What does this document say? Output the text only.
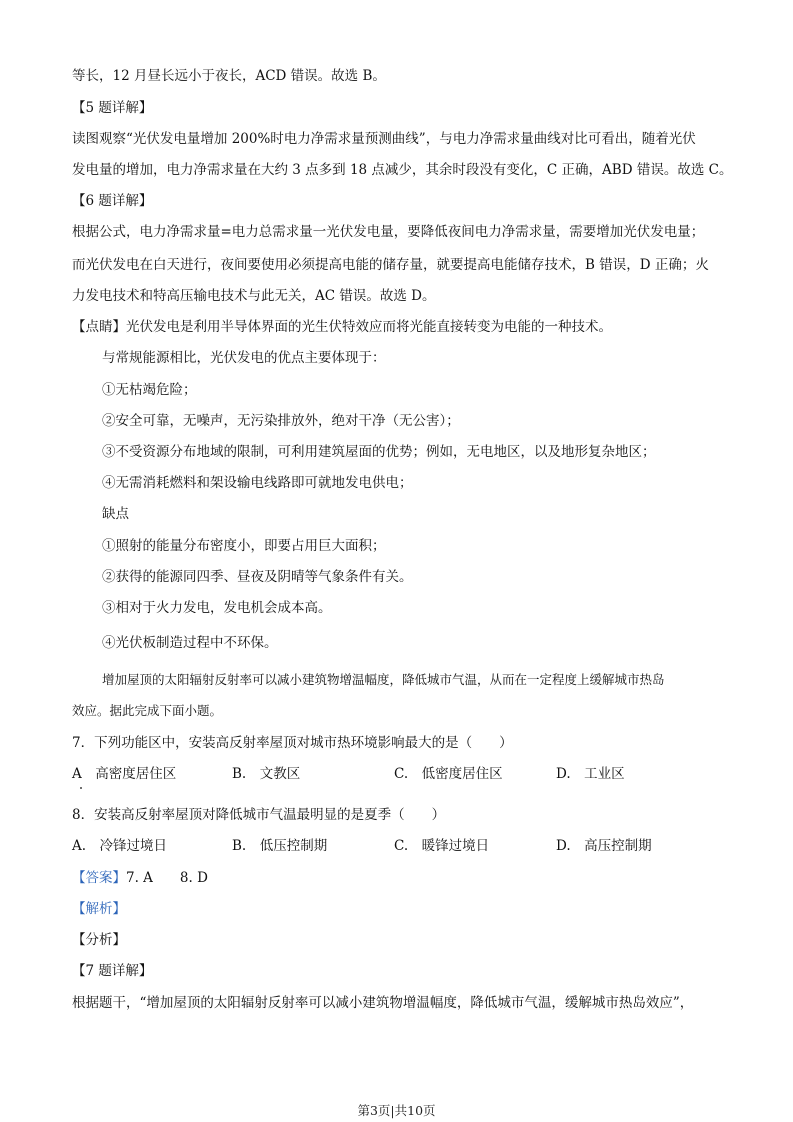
等长，12 月昼长远小于夜长，ACD 错误。故选 B。
【5 题详解】
读图观察“光伏发电量增加 200%时电力净需求量预测曲线”，与电力净需求量曲线对比可看出，随着光伏
发电量的增加，电力净需求量在大约 3 点多到 18 点减少，其余时段没有变化，C 正确，ABD 错误。故选 C。
【6 题详解】
根据公式，电力净需求量=电力总需求量一光伏发电量，要降低夜间电力净需求量，需要增加光伏发电量；
而光伏发电在白天进行，夜间要使用必须提高电能的储存量，就要提高电能储存技术，B 错误，D 正确；火
力发电技术和特高压输电技术与此无关，AC 错误。故选 D。
【点睛】光伏发电是利用半导体界面的光生伏特效应而将光能直接转变为电能的一种技术。
与常规能源相比，光伏发电的优点主要体现于：
①无枯竭危险；
②安全可靠，无噪声，无污染排放外，绝对干净（无公害）；
③不受资源分布地域的限制，可利用建筑屋面的优势；例如，无电地区，以及地形复杂地区；
④无需消耗燃料和架设输电线路即可就地发电供电；
缺点
①照射的能量分布密度小，即要占用巨大面积；
②获得的能源同四季、昼夜及阴晴等气象条件有关。
③相对于火力发电，发电机会成本高。
④光伏板制造过程中不环保。
增加屋顶的太阳辐射反射率可以减小建筑物增温幅度，降低城市气温，从而在一定程度上缓解城市热岛
效应。据此完成下面小题。
7．下列功能区中，安装高反射率屋顶对城市热环境影响最大的是（　　）
A　高密度居住区	B.　文教区	C.　低密度居住区	D.　工业区
8．安装高反射率屋顶对降低城市气温最明显的是夏季（　　）
A.　冷锋过境日	B.　低压控制期	C.　暖锋过境日	D.　高压控制期
【答案】7. A　　8. D
【解析】
【分析】
【7 题详解】
根据题干，“增加屋顶的太阳辐射反射率可以减小建筑物增温幅度，降低城市气温，缓解城市热岛效应”，
第3页|共10页
